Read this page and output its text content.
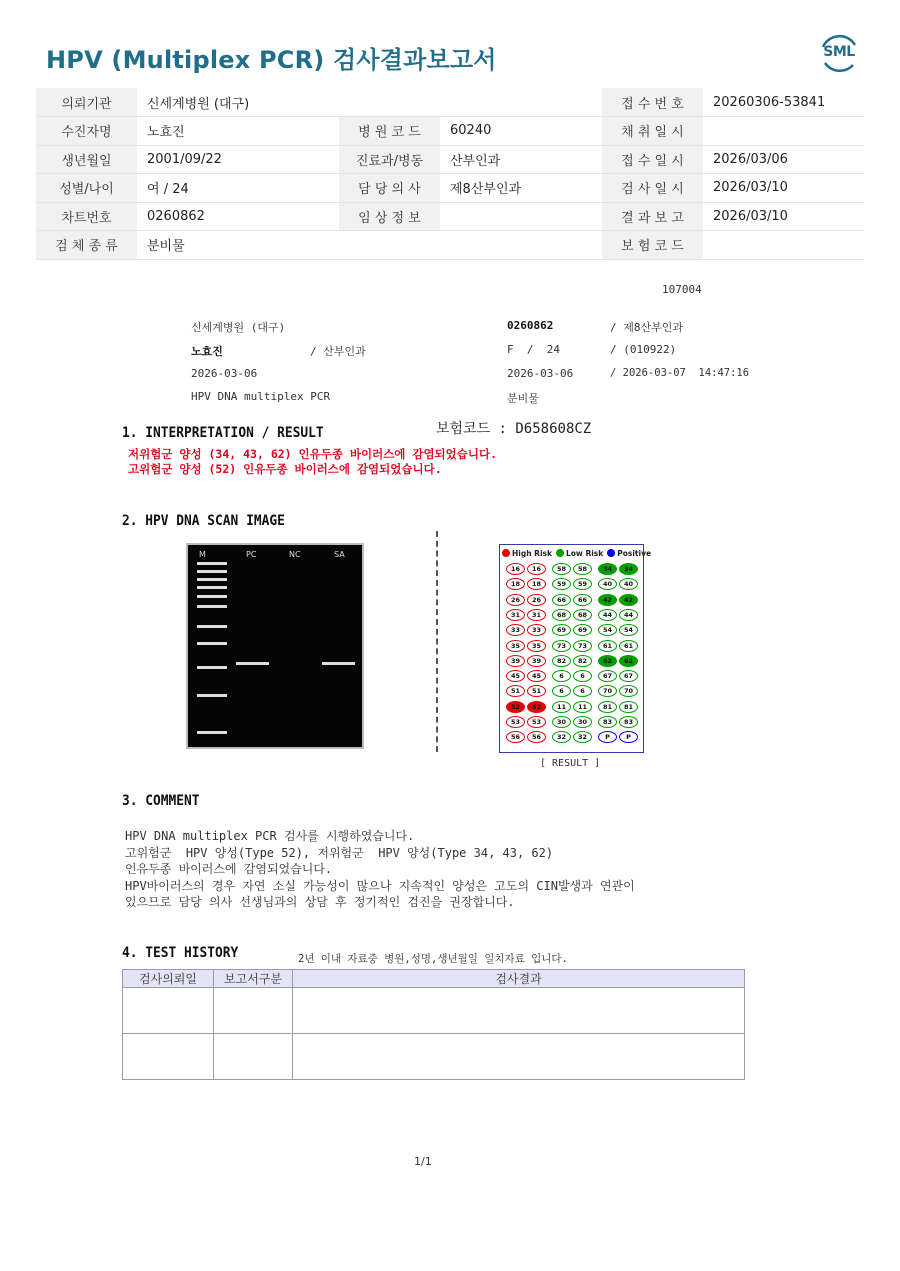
HPV (Multiplex PCR) 검사결과보고서	SML
의뢰기관	신세계병원 (대구)			접 수 번 호	20260306-53841
수진자명	노효진	병 원 코 드	60240	채 취 일 시	
생년월일	2001/09/22	진료과/병동	산부인과	접 수 일 시	2026/03/06
성별/나이	여 / 24	담 당 의 사	제8산부인과	검 사 일 시	2026/03/10
차트번호	0260862	임 상 정 보		결 과 보 고	2026/03/10
검 체 종 류	분비물			보 험 코 드	
107004
신세계병원 (대구)	0260862	/ 제8산부인과
노효진	/ 산부인과	F  /  24	/ (010922)
2026-03-06	2026-03-06	/ 2026-03-07  14:47:16
HPV DNA multiplex PCR	분비물
보험코드 : D658608CZ
1. INTERPRETATION / RESULT
저위험군 양성 (34, 43, 62) 인유두종 바이러스에 감염되었습니다.
고위험군 양성 (52) 인유두종 바이러스에 감염되었습니다.
2. HPV DNA SCAN IMAGE
M	PC	NC	SA	High Risk Low Risk Positive
16	16	58	58	34	34
18	18	59	59	40	40
26	26	66	66	42	42
31	31	68	68	44	44
33	33	69	69	54	54
35	35	73	73	61	61
39	39	82	82	62	62
45	45	6	6	67	67
51	51	6	6	70	70
52	52	11	11	81	81
53	53	30	30	83	83
56	56	32	32	P	P
[ RESULT ]
3. COMMENT
HPV DNA multiplex PCR 검사를 시행하였습니다.
고위험군  HPV 양성(Type 52), 저위험군  HPV 양성(Type 34, 43, 62)
인유두종 바이러스에 감염되었습니다.
HPV바이러스의 경우 자연 소실 가능성이 많으나 지속적인 양성은 고도의 CIN발생과 연관이
있으므로 담당 의사 선생님과의 상담 후 정기적인 검진을 권장합니다.
4. TEST HISTORY	2년 이내 자료중 병원,성명,생년월일 일치자료 입니다.
검사의뢰일	보고서구분	검사결과

1/1
